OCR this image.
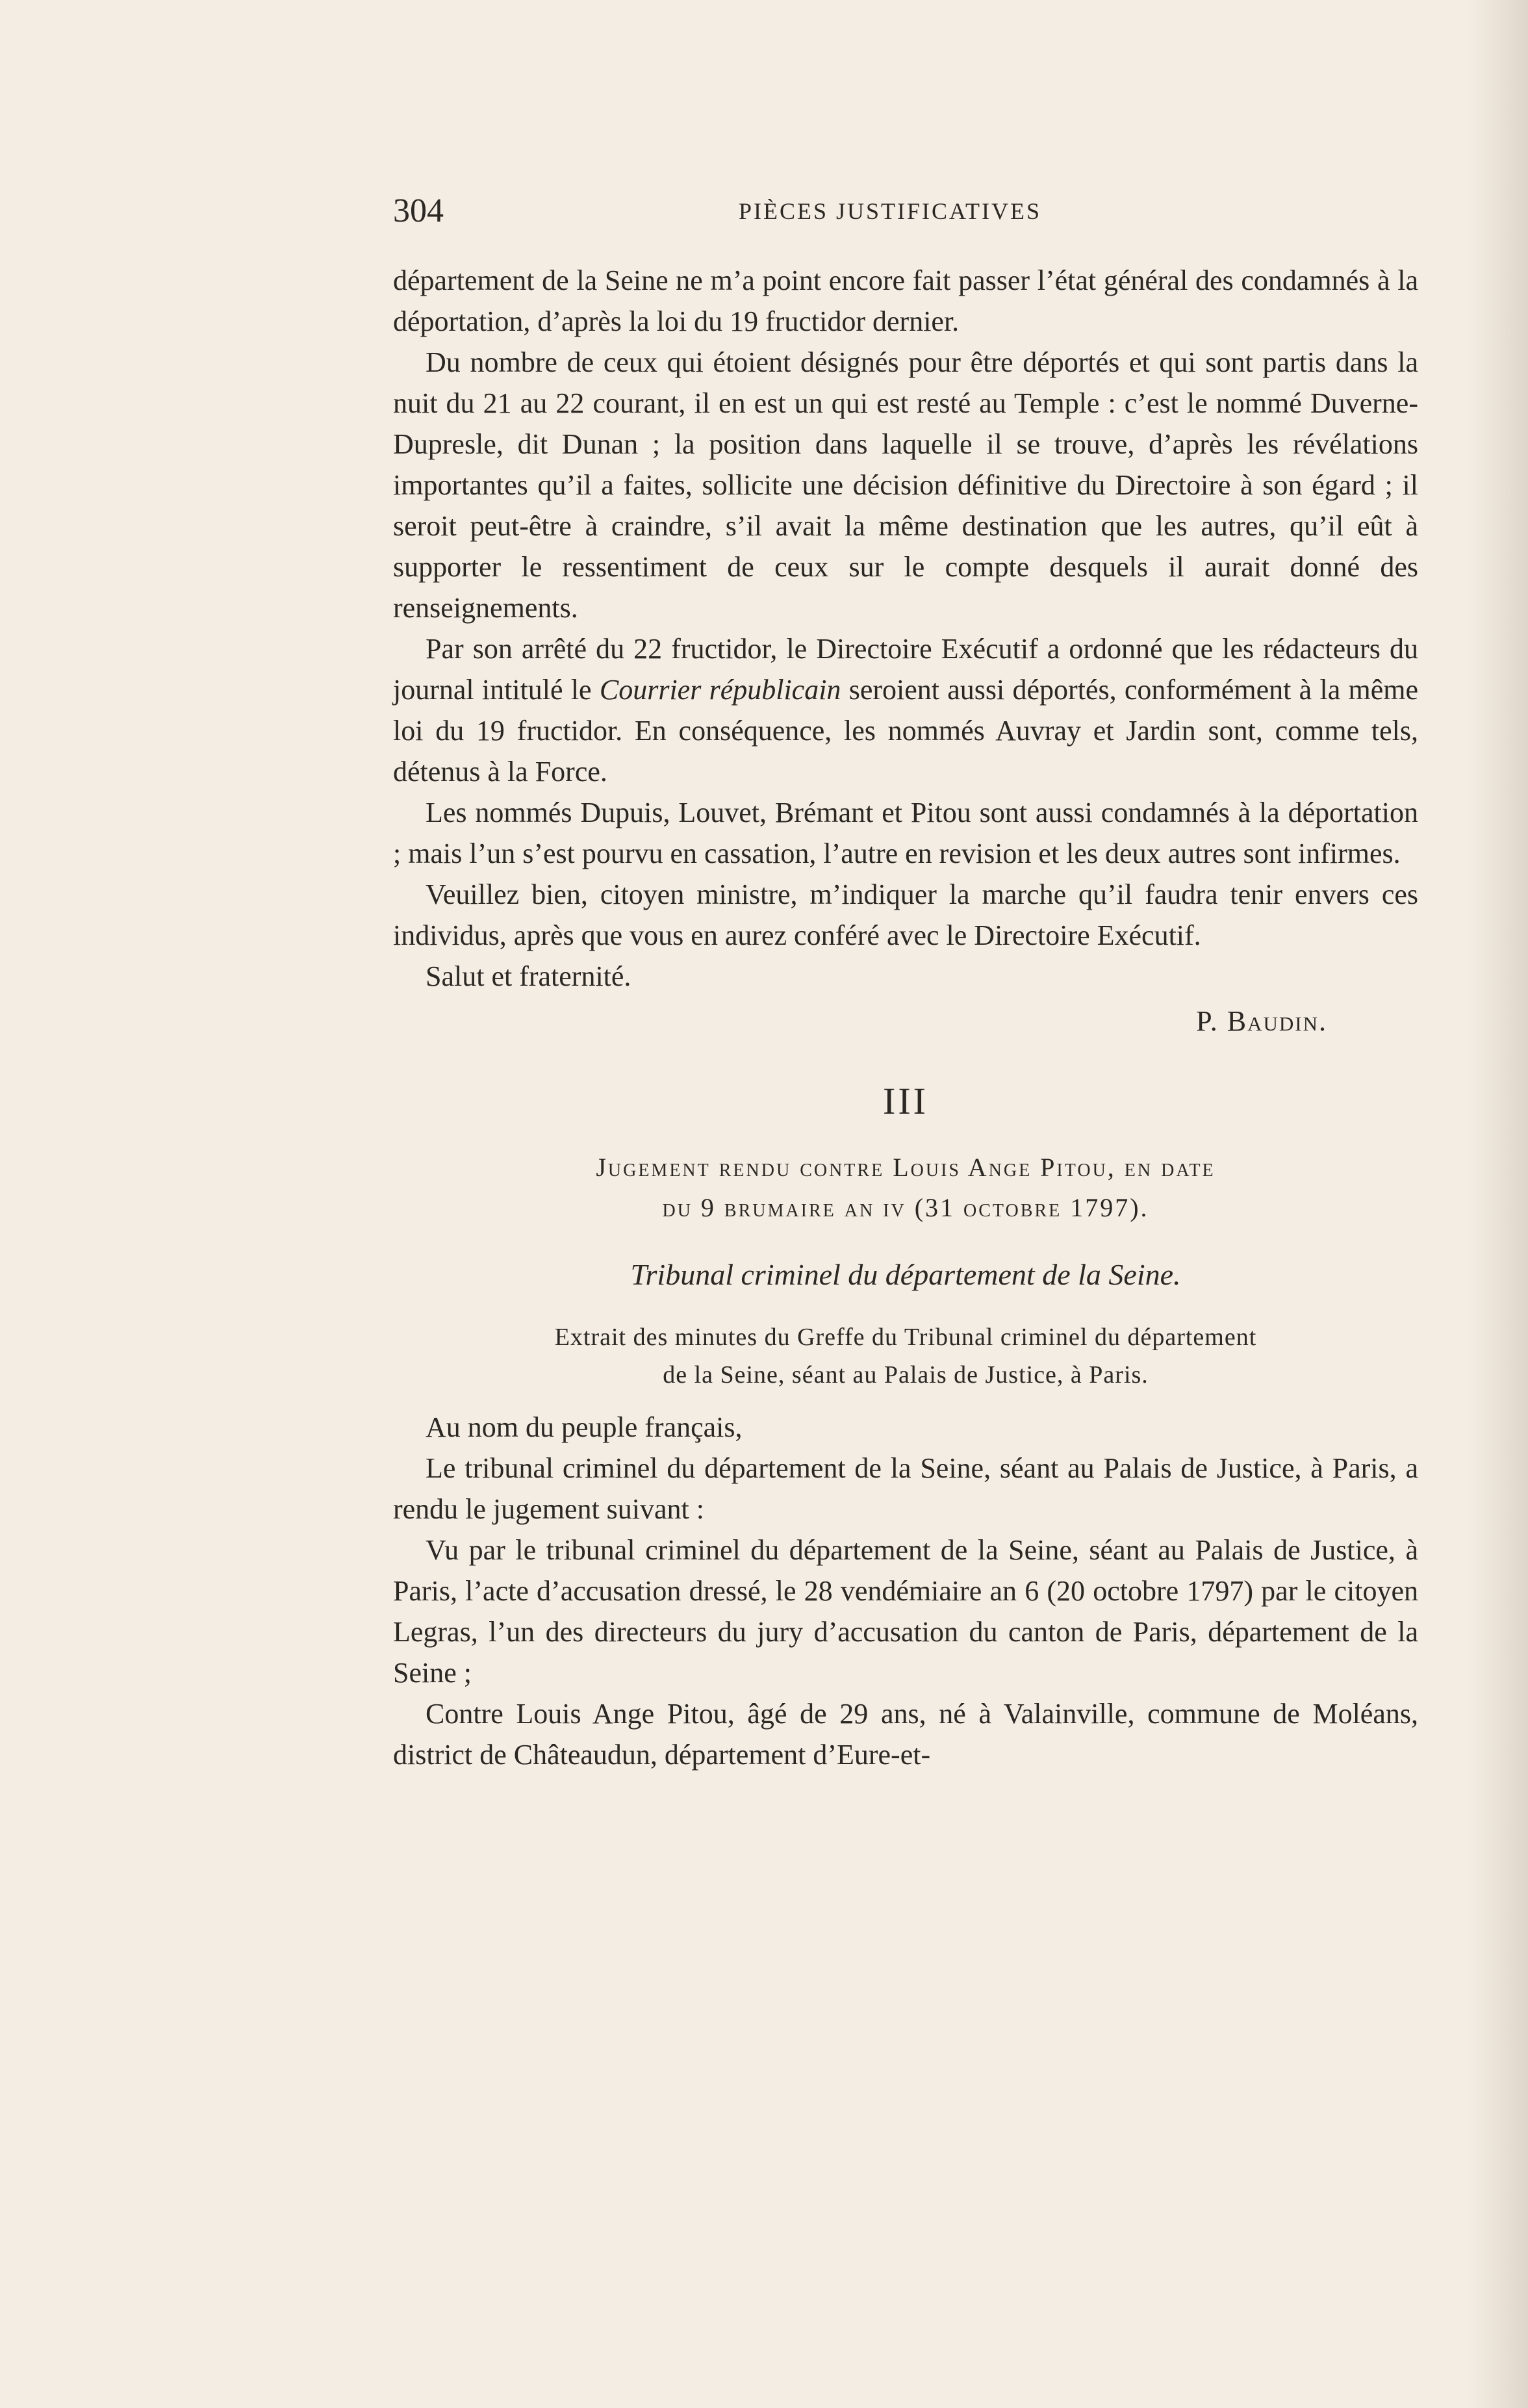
304	PIÈCES JUSTIFICATIVES

département de la Seine ne m’a point encore fait passer l’état général des condamnés à la déportation, d’après la loi du 19 fructidor dernier.

Du nombre de ceux qui étoient désignés pour être déportés et qui sont partis dans la nuit du 21 au 22 courant, il en est un qui est resté au Temple : c’est le nommé Duverne-Dupresle, dit Dunan ; la position dans laquelle il se trouve, d’après les révélations importantes qu’il a faites, sollicite une décision définitive du Directoire à son égard ; il seroit peut-être à craindre, s’il avait la même destination que les autres, qu’il eût à supporter le ressentiment de ceux sur le compte desquels il aurait donné des renseignements.

Par son arrêté du 22 fructidor, le Directoire Exécutif a ordonné que les rédacteurs du journal intitulé le Courrier républicain seroient aussi déportés, conformément à la même loi du 19 fructidor. En conséquence, les nommés Auvray et Jardin sont, comme tels, détenus à la Force.

Les nommés Dupuis, Louvet, Brémant et Pitou sont aussi condamnés à la déportation ; mais l’un s’est pourvu en cassation, l’autre en revision et les deux autres sont infirmes.

Veuillez bien, citoyen ministre, m’indiquer la marche qu’il faudra tenir envers ces individus, après que vous en aurez conféré avec le Directoire Exécutif.

Salut et fraternité.

P. Baudin.

III

Jugement rendu contre Louis Ange Pitou, en date
du 9 brumaire an iv (31 octobre 1797).

Tribunal criminel du département de la Seine.

Extrait des minutes du Greffe du Tribunal criminel du département
de la Seine, séant au Palais de Justice, à Paris.

Au nom du peuple français,

Le tribunal criminel du département de la Seine, séant au Palais de Justice, à Paris, a rendu le jugement suivant :

Vu par le tribunal criminel du département de la Seine, séant au Palais de Justice, à Paris, l’acte d’accusation dressé, le 28 vendémiaire an 6 (20 octobre 1797) par le citoyen Legras, l’un des directeurs du jury d’accusation du canton de Paris, département de la Seine ;

Contre Louis Ange Pitou, âgé de 29 ans, né à Valainville, commune de Moléans, district de Châteaudun, département d’Eure-et-
